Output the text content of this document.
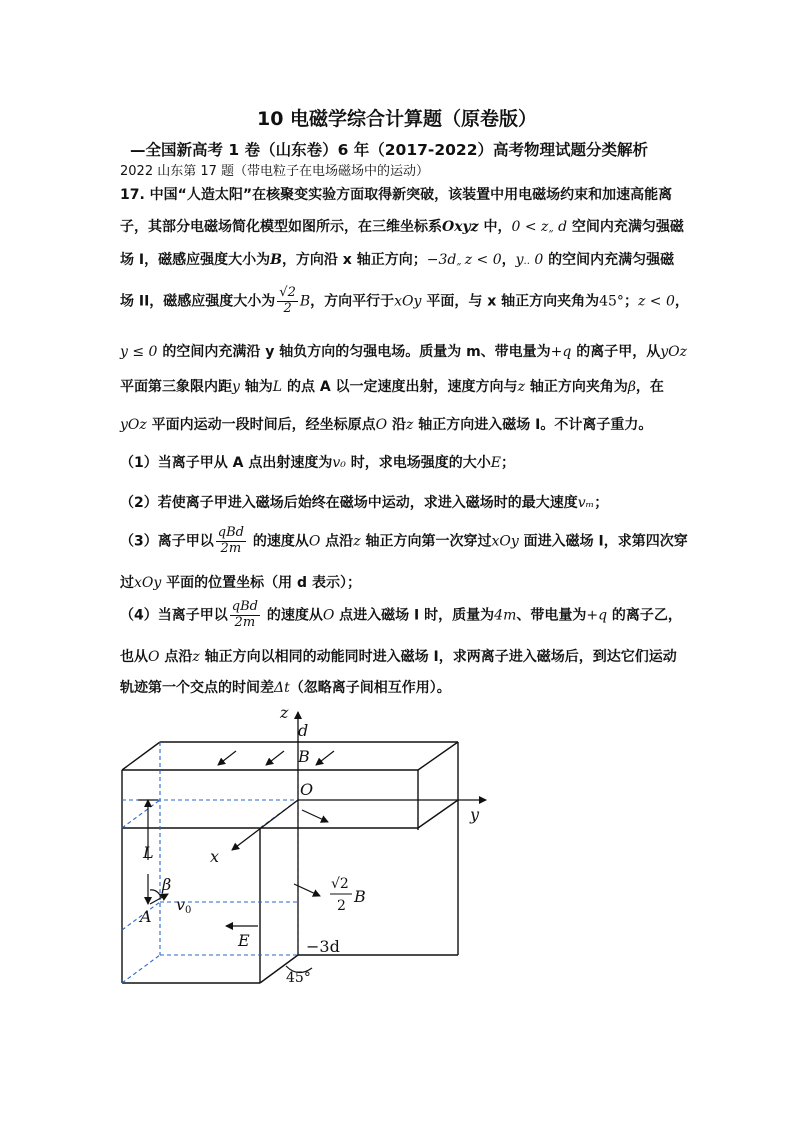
10 电磁学综合计算题（原卷版）
—全国新高考 1 卷（山东卷）6 年（2017-2022）高考物理试题分类解析
2022 山东第 17 题（带电粒子在电场磁场中的运动）
17. 中国“人造太阳”在核聚变实验方面取得新突破，该装置中用电磁场约束和加速高能离
子，其部分电磁场简化模型如图所示，在三维坐标系Oxyz 中，0 < z„ d 空间内充满匀强磁
场 I，磁感应强度大小为B，方向沿 x 轴正方向；−3d„ z < 0，y.. 0 的空间内充满匀强磁
场 II，磁感应强度大小为 $\frac{√2}{2}$ B，方向平行于xOy 平面，与 x 轴正方向夹角为45°；z < 0，
y ≤ 0 的空间内充满沿 y 轴负方向的匀强电场。质量为 m、带电量为+q 的离子甲，从yOz
平面第三象限内距y 轴为L 的点 A 以一定速度出射，速度方向与z 轴正方向夹角为β，在
yOz 平面内运动一段时间后，经坐标原点O 沿z 轴正方向进入磁场 I。不计离子重力。
（1）当离子甲从 A 点出射速度为v₀ 时，求电场强度的大小E；
（2）若使离子甲进入磁场后始终在磁场中运动，求进入磁场时的最大速度vₘ；
（3）离子甲以 $\frac{\text{qBd}}{2m}$ 的速度从O 点沿z 轴正方向第一次穿过xOy 面进入磁场 I，求第四次穿
过xOy 平面的位置坐标（用 d 表示）；
（4）当离子甲以 $\frac{\text{qBd}}{2m}$ 的速度从O 点进入磁场 I 时，质量为4m、带电量为+q 的离子乙，
也从O 点沿z 轴正方向以相同的动能同时进入磁场 I，求两离子进入磁场后，到达它们运动
轨迹第一个交点的时间差Δt（忽略离子间相互作用）。
z
d
B
O
y
x
L
β
v0
A
√2
2 B
E	−3d
45°
